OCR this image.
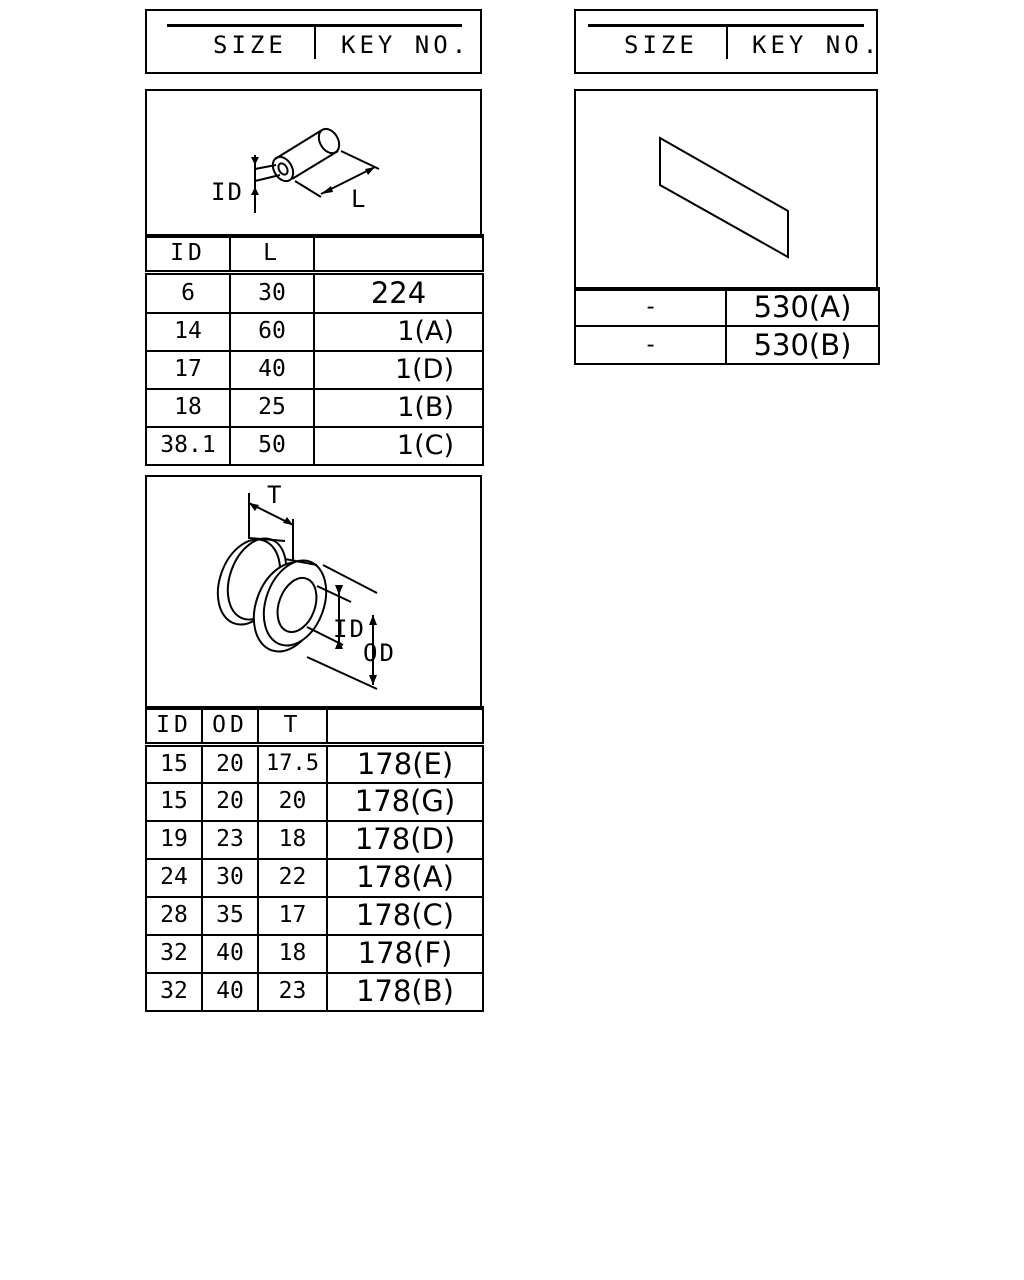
SIZE KEY NO.	SIZE KEY NO.
ID	L
ID	L	
6	30	224
14	60	1(A)
17	40	1(D)
18	25	1(B)
38.1	50	1(C)
T
ID
OD
ID	OD	T	
15	20	17.5	178(E)
15	20	20	178(G)
19	23	18	178(D)
24	30	22	178(A)
28	35	17	178(C)
32	40	18	178(F)
32	40	23	178(B)
-	530(A)
-	530(B)
